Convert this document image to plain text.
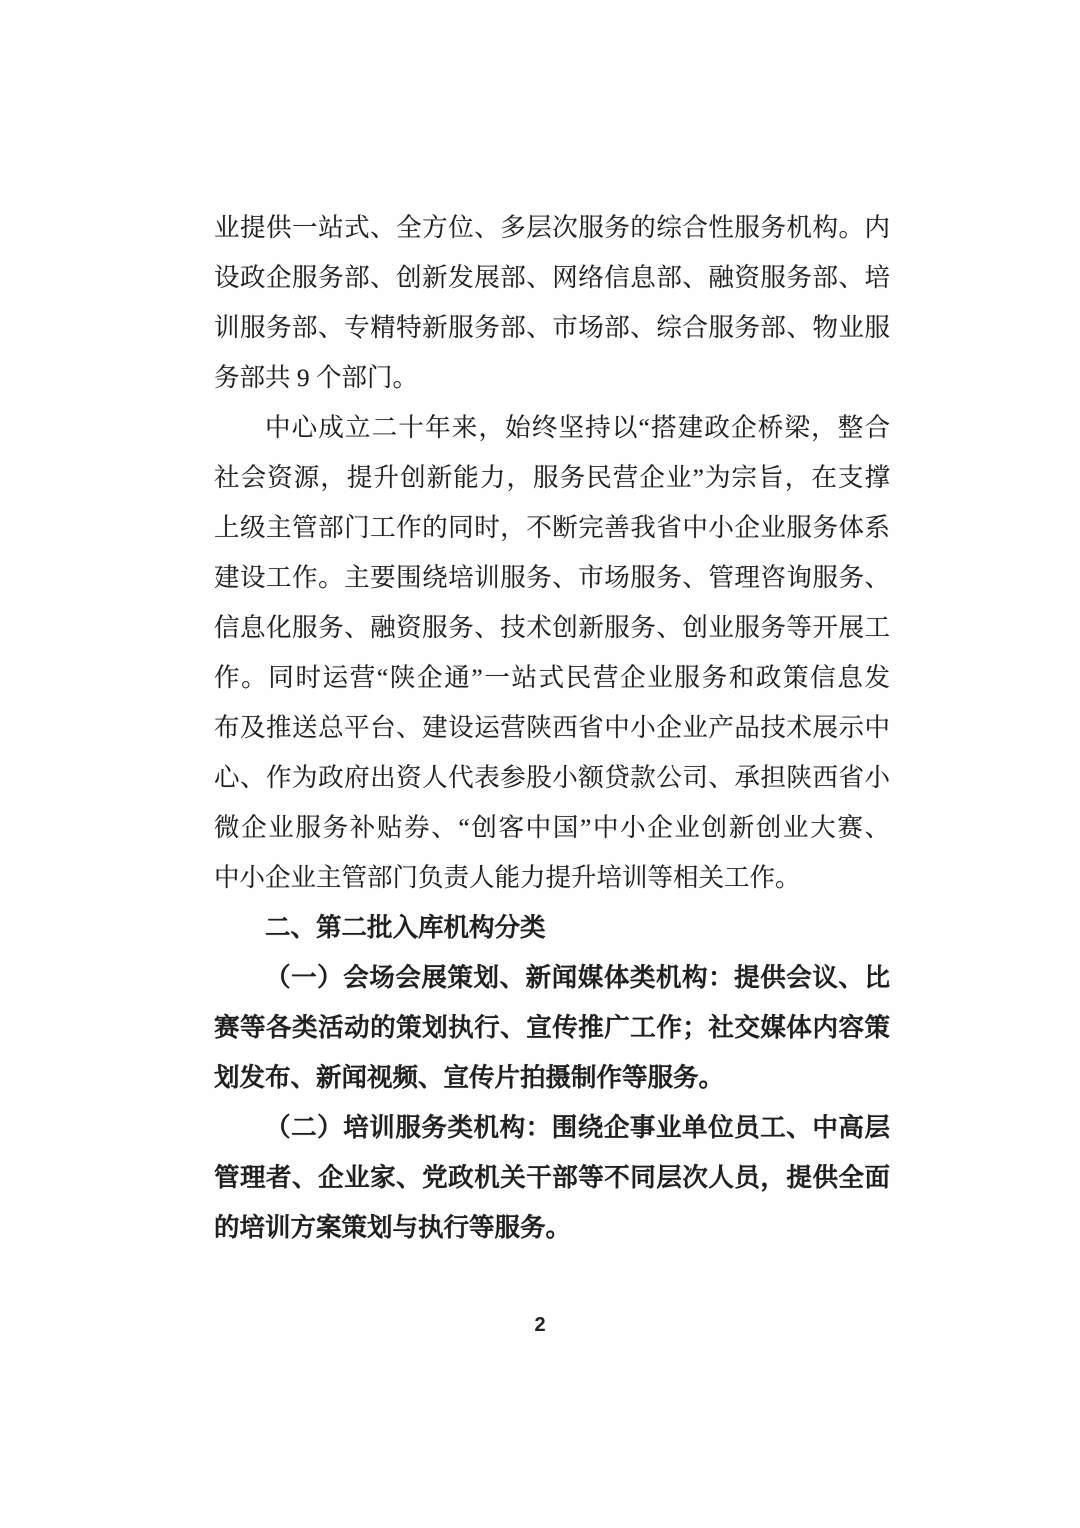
业提供一站式、全方位、多层次服务的综合性服务机构。内
设政企服务部、创新发展部、网络信息部、融资服务部、培
训服务部、专精特新服务部、市场部、综合服务部、物业服
务部共 9 个部门。
中心成立二十年来，始终坚持以“搭建政企桥梁，整合
社会资源，提升创新能力，服务民营企业”为宗旨，在支撑
上级主管部门工作的同时，不断完善我省中小企业服务体系
建设工作。主要围绕培训服务、市场服务、管理咨询服务、
信息化服务、融资服务、技术创新服务、创业服务等开展工
作。同时运营“陕企通”一站式民营企业服务和政策信息发
布及推送总平台、建设运营陕西省中小企业产品技术展示中
心、作为政府出资人代表参股小额贷款公司、承担陕西省小
微企业服务补贴券、“创客中国”中小企业创新创业大赛、
中小企业主管部门负责人能力提升培训等相关工作。
二、第二批入库机构分类
（一）会场会展策划、新闻媒体类机构：提供会议、比
赛等各类活动的策划执行、宣传推广工作；社交媒体内容策
划发布、新闻视频、宣传片拍摄制作等服务。
（二）培训服务类机构：围绕企事业单位员工、中高层
管理者、企业家、党政机关干部等不同层次人员，提供全面
的培训方案策划与执行等服务。
2
